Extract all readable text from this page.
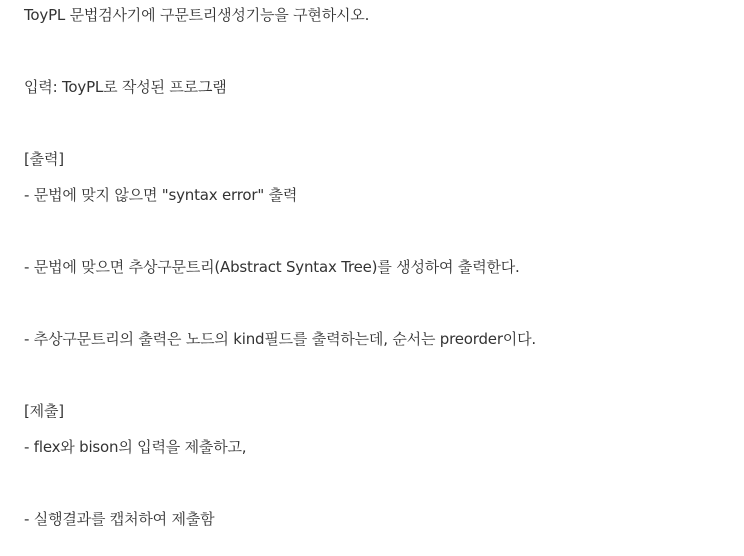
ToyPL 문법검사기에 구문트리생성기능을 구현하시오.
입력: ToyPL로 작성된 프로그램
[출력]
- 문법에 맞지 않으면 "syntax error" 출력
- 문법에 맞으면 추상구문트리(Abstract Syntax Tree)를 생성하여 출력한다.
- 추상구문트리의 출력은 노드의 kind필드를 출력하는데, 순서는 preorder이다.
[제출]
- flex와 bison의 입력을 제출하고,
- 실행결과를 캡처하여 제출함
